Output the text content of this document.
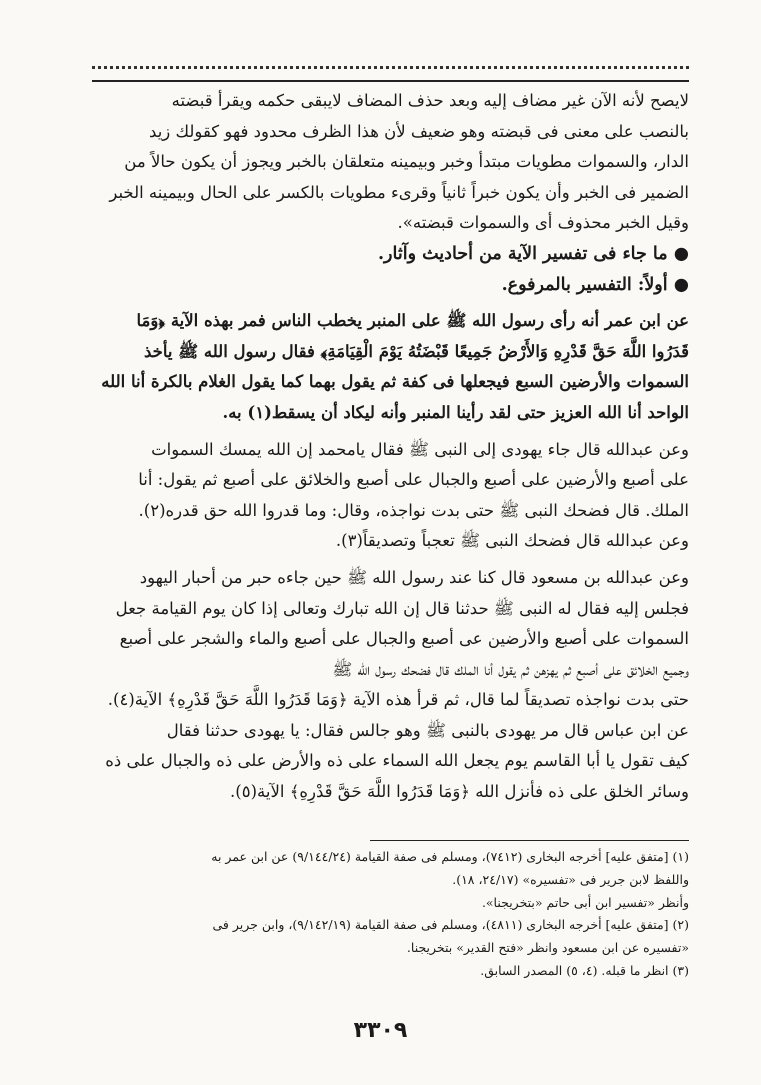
لايصح لأنه الآن غير مضاف إليه وبعد حذف المضاف لايبقى حكمه ويقرأ قبضته

بالنصب على معنى فى قبضته وهو ضعيف لأن هذا الظرف محدود فهو كقولك زيد

الدار، والسموات مطويات مبتدأ وخبر وبيمينه متعلقان بالخبر ويجوز أن يكون حالاً من

الضمير فى الخبر وأن يكون خبراً ثانياً وقرىء مطويات بالكسر على الحال وبيمينه الخبر

وقيل الخبر محذوف أى والسموات قبضته».

● ما جاء فى تفسير الآية من أحاديث وآثار.

● أولاً: التفسير بالمرفوع.

عن ابن عمر أنه رأى رسول الله ﷺ على المنبر يخطب الناس فمر بهذه الآية ﴿وَمَا

قَدَرُوا اللَّهَ حَقَّ قَدْرِهِ وَالأَرْضُ جَمِيعًا قَبْضَتُهُ يَوْمَ الْقِيَامَةِ﴾ فقال رسول الله ﷺ يأخذ

السموات والأرضين السبع فيجعلها فى كفة ثم يقول بهما كما يقول الغلام بالكرة أنا الله

الواحد أنا الله العزيز حتى لقد رأينا المنبر وأنه ليكاد أن يسقط(١) به.

وعن عبدالله قال جاء يهودى إلى النبى ﷺ فقال يامحمد إن الله يمسك السموات

على أصبع والأرضين على أصبع والجبال على أصبع والخلائق على أصبع ثم يقول: أنا

الملك. قال فضحك النبى ﷺ حتى بدت نواجذه، وقال: وما قدروا الله حق قدره(٢).

وعن عبدالله قال فضحك النبى ﷺ تعجباً وتصديقاً(٣).

وعن عبدالله بن مسعود قال كنا عند رسول الله ﷺ حين جاءه حبر من أحبار اليهود

فجلس إليه فقال له النبى ﷺ حدثنا قال إن الله تبارك وتعالى إذا كان يوم القيامة جعل

السموات على أصبع والأرضين عى أصبع والجبال على أصبع والماء والشجر على أصبع

وجميع الخلائق على أصبع ثم يهزهن ثم يقول أنا الملك قال فضحك رسول الله ﷺ

حتى بدت نواجذه تصديقاً لما قال، ثم قرأ هذه الآية ﴿وَمَا قَدَرُوا اللَّهَ حَقَّ قَدْرِهِ﴾ الآية(٤).

عن ابن عباس قال مر يهودى بالنبى ﷺ وهو جالس فقال: يا يهودى حدثنا فقال

كيف تقول يا أبا القاسم يوم يجعل الله السماء على ذه والأرض على ذه والجبال على ذه

وسائر الخلق على ذه فأنزل الله ﴿وَمَا قَدَرُوا اللَّهَ حَقَّ قَدْرِهِ﴾ الآية(٥).

(١) [متفق عليه] أخرجه البخارى (٧٤١٢)، ومسلم فى صفة القيامة (٩/١٤٤/٢٤) عن ابن عمر به

واللفظ لابن جرير فى «تفسيره» (٢٤/١٧، ١٨).

وأنظر «تفسير ابن أبى حاتم «بتخريجنا».

(٢) [متفق عليه] أخرجه البخارى (٤٨١١)، ومسلم فى صفة القيامة (٩/١٤٢/١٩)، وابن جرير فى

«تفسيره عن ابن مسعود وانظر «فتح القدير» بتخريجنا.

(٣) انظر ما قبله. (٤، ٥) المصدر السابق.

٣٣٠٩
